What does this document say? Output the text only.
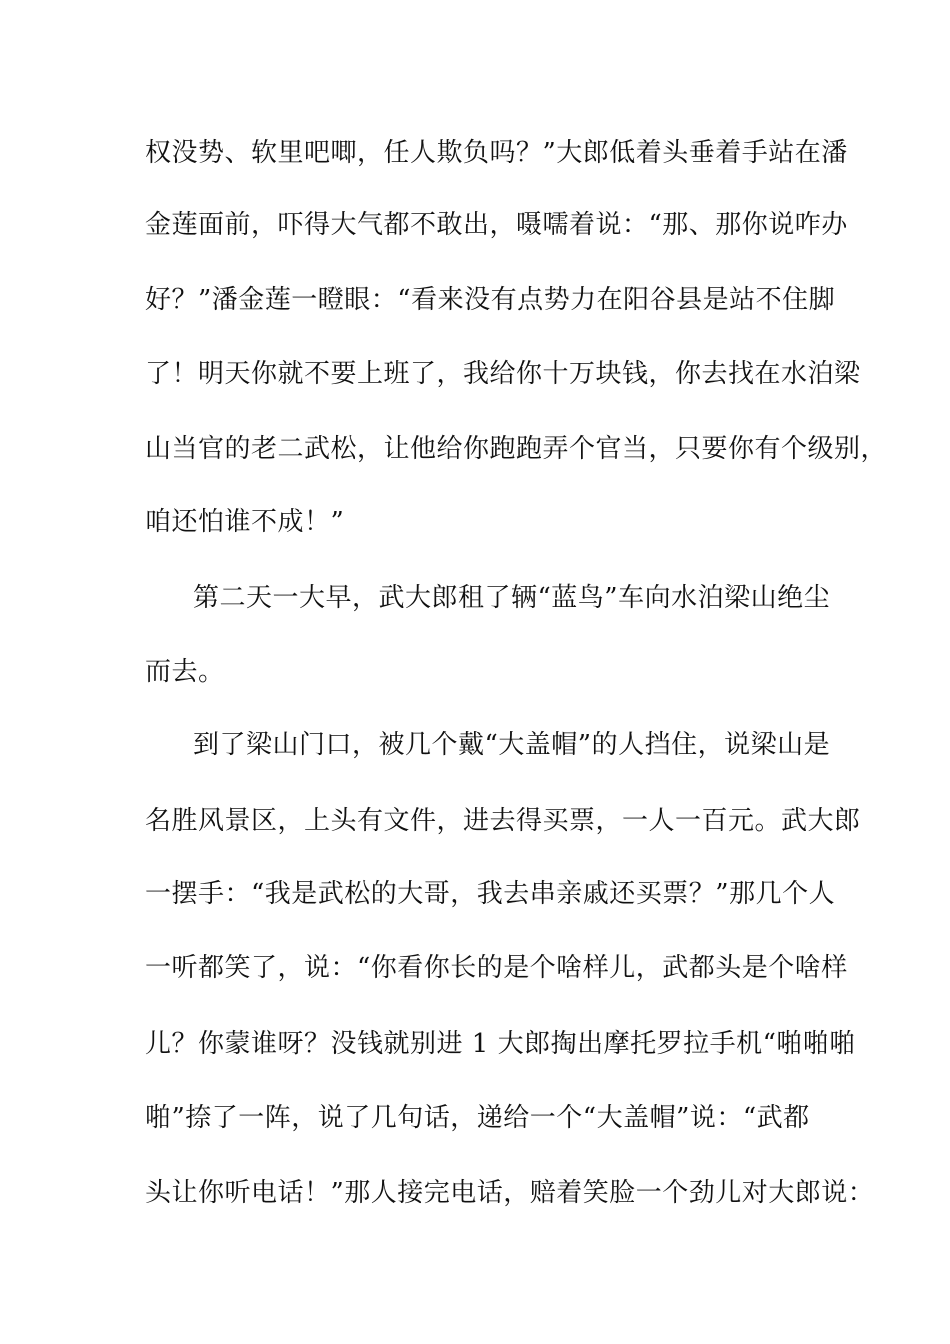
权没势、软里吧唧，任人欺负吗？”大郎低着头垂着手站在潘
金莲面前，吓得大气都不敢出，嗫嚅着说：“那、那你说咋办
好？”潘金莲一瞪眼：“看来没有点势力在阳谷县是站不住脚
了！明天你就不要上班了，我给你十万块钱，你去找在水泊梁
山当官的老二武松，让他给你跑跑弄个官当，只要你有个级别，
咱还怕谁不成！”
第二天一大早，武大郎租了辆“蓝鸟”车向水泊梁山绝尘
而去。
到了梁山门口，被几个戴“大盖帽”的人挡住，说梁山是
名胜风景区，上头有文件，进去得买票，一人一百元。武大郎
一摆手：“我是武松的大哥，我去串亲戚还买票？”那几个人
一听都笑了，说：“你看你长的是个啥样儿，武都头是个啥样
儿？你蒙谁呀？没钱就别进 1 大郎掏出摩托罗拉手机“啪啪啪
啪”捺了一阵，说了几句话，递给一个“大盖帽”说：“武都
头让你听电话！”那人接完电话，赔着笑脸一个劲儿对大郎说：
